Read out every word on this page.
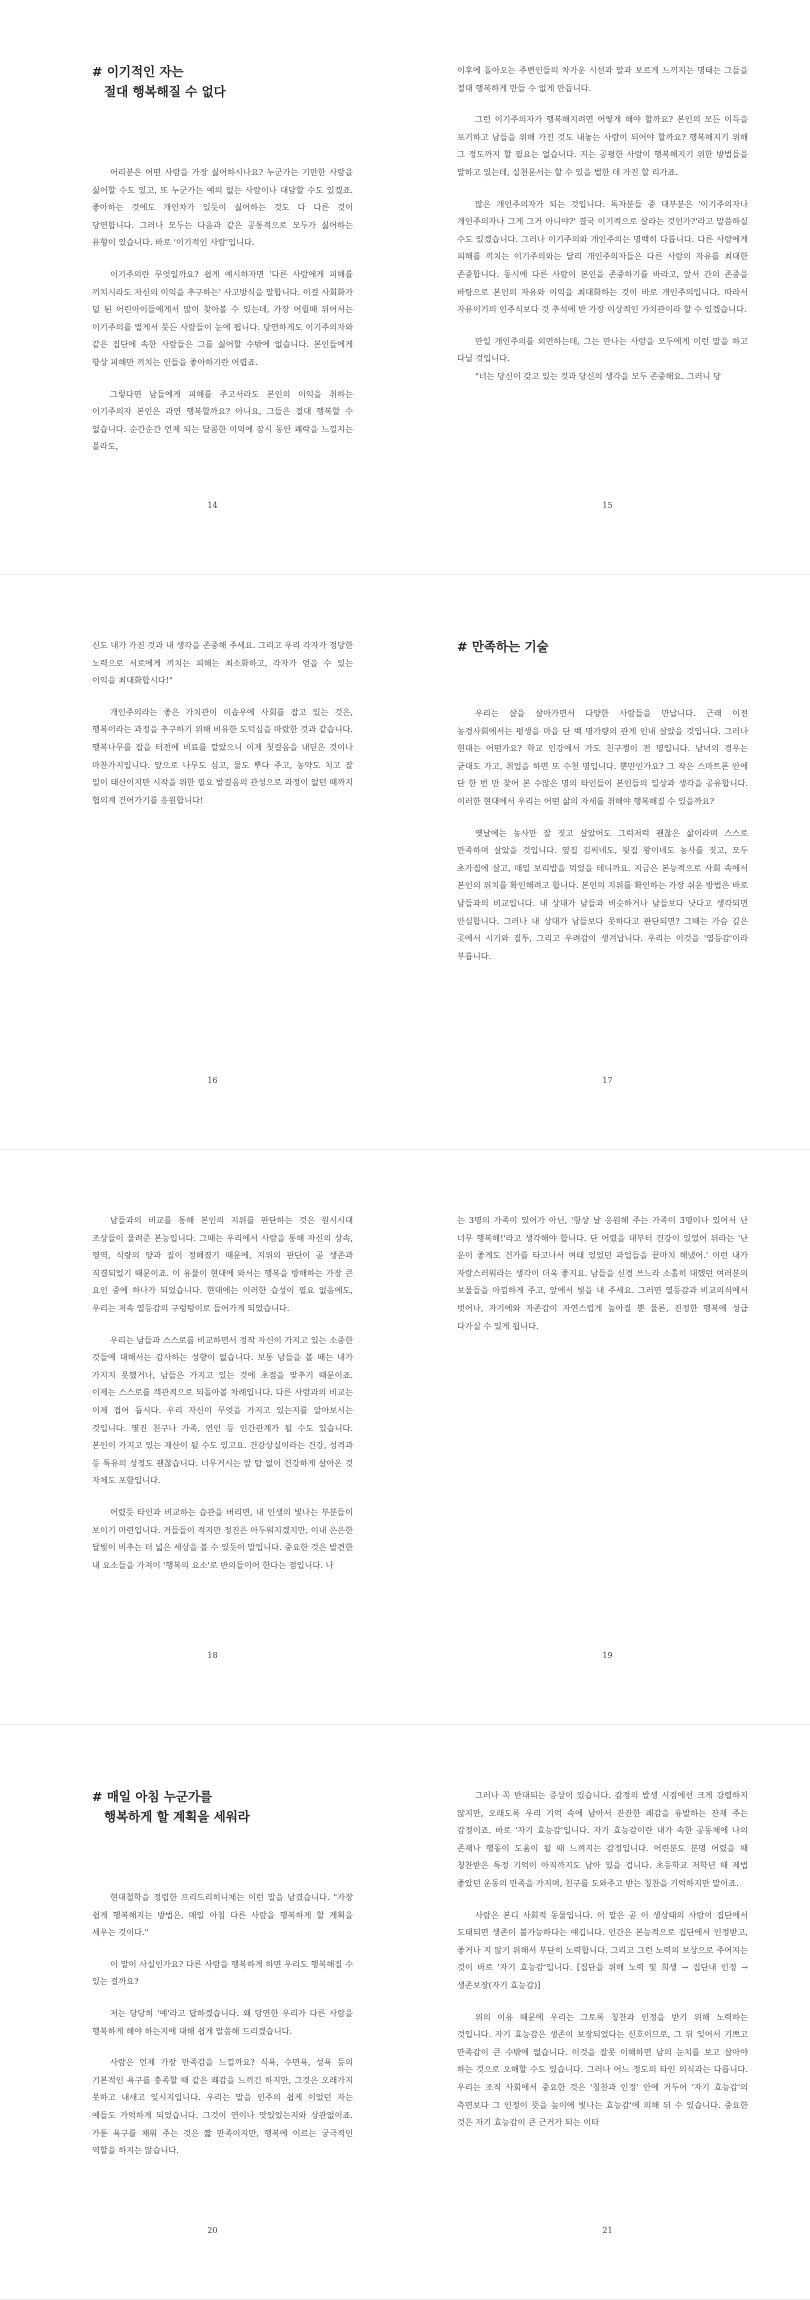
# 이기적인 자는
절대 행복해질 수 없다

어리분은 어떤 사람을 가장 싫어하시나요? 누군가는 기만한 사람을 싫어할 수도 있고, 또 누군가는 예의 없는 사람이나 대담할 수도 있겠죠. 좋아하는 것에도 개인차가 있듯이 싫어하는 것도 다 다른 것이 당연합니다. 그러나 모두는 다음과 같은 공통적으로 모두가 싫어하는 유형이 있습니다. 바로 '이기적인 사람'입니다.

이기주의란 무엇일까요? 쉽게 예시하자면 '다른 사람에게 피해를 끼치시라도 자신의 이익을 추구하는' 사고방식을 말합니다. 이걸 사회화가 덜 된 어린아이들에게서 많이 찾아볼 수 있는데, 가장 어릴때 뒤어서는 이기주의를 멀게서 뭇든 사람들이 눈에 띕니다. 당연하게도 이기주의자와 같은 집단에 속한 사람들은 그를 싫어할 수밖에 없습니다. 본인들에게 항상 피해만 끼치는 인들을 좋아하기란 어렵죠.

그렇다면 남들에게 피해를 주고서라도 본인의 이익을 취하는 이기주의자 본인은 과연 행복할까요? 아니요, 그들은 절대 행복할 수 없습니다. 순간순간 언제 되는 달콤한 이익에 잠시 동안 쾌락을 느낄지는 몰라도,

14

이후에 돌아오는 주변인들의 차가운 시선과 말과 보르게 느끼지는 명태는 그들을 절대 행복하게 만들 수 없게 만듭니다.

그런 이기주의자가 행복해지려면 어떻게 해야 할까요? 본인의 모든 이득을 포기하고 남들을 위해 가진 것도 내놓는 사람이 되어야 할까요? 행복해지기 위해 그 정도까지 할 필요는 없습니다. 지는 공평한 사람이 행복해지기 위한 방법들을 말하고 있는데, 실천문서는 할 수 있을 법한 데 가진 할 리가죠.

많은 개인주의자가 되는 것입니다. 독자분들 중 대부분은 '이기주의자나 개인주의자나 그게 그거 아니야?' 결국 이기적으로 살라는 것인가?'라고 말씀하실 수도 있겠습니다. 그러나 이기주의와 개인주의는 명백히 다릅니다. 다른 사람에게 피해를 끼치는 이기주의와는 달리 개인주의자들은 다른 사람의 자유를 최대한 존중합니다. 동시에 다른 사람이 본인을 존중하기를 바라고, 앞서 간의 존중을 바탕으로 본인의 자유와 이익을 최대화하는 것이 바로 개인주의입니다. 따라서 자유이기의 인주식보다 것 추석에 반 가장 이상적인 가치관이라 할 수 있겠습니다.

만일 개인주의를 외면하는데, 그는 만나는 사람을 모두에게 이런 말을 하고 다닐 것입니다.

"너는 당신이 갖고 있는 것과 당신의 생각을 모두 존중해요. 그러니 당

15

신도 내가 가진 것과 내 생각을 존중해 주세요. 그리고 우리 각자가 정당한 노력으로 서로에게 끼치는 피해는 최소화하고, 각자가 얻을 수 있는 이익을 최대화합시다!"

개인주의라는 좋은 가치관이 이솝우에 사회를 잡고 있는 것은, 행복이라는 과정을 추구하기 위해 비유한 도덕심을 따랐한 것과 같습니다. 행복나무를 잡을 터전에 비료를 깔았으니 이제 첫걸음을 내딛은 것이나 마찬가지입니다. 앞으로 나무도 심고, 물도 뿌다 주고, 농약도 치고 잘 일이 태산이지만 시작을 위한 필요 발걸음의 관성으로 과정이 없던 때까지 협의계 건어가기를 응원합니다!

16
# 만족하는 기술

우리는 살을 살아가면서 다양한 사람들을 만납니다. 근래 이전 농경사회에서는 평생을 마을 단 백 명가량의 관게 인내 살았을 것입니다. 그러나 현대는 어떤가요? 학교 인강에서 가도 친구쟁이 전 명입니다. 남녀의 경우는 굳대도 가고, 취업을 하면 또 수천 명입니다. 뿐만인가요? 그 작은 스마트폰 안에 단 한 번 만 찾어 본 수많은 명의 타인들이 본인들의 일상과 생각을 공유합니다. 이러한 현대에서 우리는 어떤 삶의 자세를 취해야 행복해질 수 있을까요?

옛날에는 농사만 잘 짓고 살았어도 그럭저럭 괜찮은 삶이라며 스스로 만족하며 살았을 것입니다. 옆집 김씨네도, 뒷집 왕이네도 농사를 짓고, 모두 초가집에 살고, 매일 보리밥을 먹었을 테니까요. 지금은 본능적으로 사회 속에서 본인의 위치를 확인해려고 합니다. 본인의 지위를 확인하는 가장 쉬운 방법은 바로 남들과의 비교입니다. 내 상대가 남들과 비슷하거나 남들보다 낫다고 생각되면 안심합니다. 그러나 내 상대가 남들보다 못하다고 판단되면? 그때는 가슴 깊은 곳에서 시기와 질투, 그리고 우려감이 생겨납니다. 우리는 이것을 '열등감'이라 부릅니다.

17

남들과의 비교를 통해 본인의 지위를 판단하는 것은 원시시대 조상들이 물려준 본능입니다. 그때는 우리에서 사람을 통해 자신의 상속, 영역, 식량의 양과 질이 정해졌기 때문에, 지위의 판단이 곧 생존과 직결되었기 때문이죠. 이 유물이 현대에 와서는 행복을 방해하는 가장 큰 요인 중에 하나가 되었습니다. 현대에는 이러한 습성이 필요 없음에도, 우리는 저속 열등감의 구렁텅이로 들어가게 되었습니다.

우리는 남들과 스스로를 비교하면서 정작 자신이 가지고 있는 소중한 것들에 대해서는 감사하는 성향이 없습니다. 보통 남들을 볼 때는 내가 가지지 못했거나, 남들은 가지고 있는 것에 초점을 맞추기 때문이죠. 이제는 스스로를 객관적으로 되돌아볼 차례입니다. 다른 사람과의 비교는 이제 접어 둡시다. 우리 자신이 무엇을 가지고 있는지를 알아보시는 것입니다. 몇진 친구나 가족, 연인 등 인간관계가 될 수도 있습니다. 본인이 가지고 있는 재산이 될 수도 있고요. 건강상실이라는 건강, 성격과 등 특유의 성정도 괜찮습니다. 너무거시는 앞 탑 없이 건강하게 살아온 것 자체도 포함입니다.

어렸듯 타인과 비교하는 습관을 버리면, 내 인생의 빛나는 부분들이 보이기 마련입니다. 거들들이 적지만 정진은 아두워지겠지만, 이내 은은한 달빛이 비추는 더 넓은 세상을 볼 수 있듯이 말입니다. 중요한 것은 발견한 내 요소들을 가져이 '행복의 요소'로 반의들이어 한다는 점입니다. 나

18

는 3명의 가족이 있어가 아닌, '항상 날 응원해 주는 가족이 3명이나 있어서 난 너무 행복해!'라고 생각해야 합니다. 단 어렸을 대부터 건강이 있었어 뒤라는 '난 운이 좋게도 건가를 타고나서 여태 있었던 과업들을 끝마치 해냈어.' 이런 내가 자랑스러워라는 생각이 더욱 좋지요. 남들을 신경 쓰느라 소홀히 대했던 여러분의 보물들을 아낌하게 주고, 앞에서 빛을 내 주세요. 그러면 열등감과 비교의식에서 벗어나, 자기에와 자존감이 자연스럽게 높아질 뿐 물론, 진정한 행복에 성급 다가실 수 있게 됩니다.

19
# 매일 아침 누군가를
행복하게 할 계획을 세워라

현대철학을 정립한 프리드리히니체는 이런 말을 남겼습니다. "가장 쉽게 행복해지는 방법은, 매일 아침 다른 사람을 행복하게 할 계획을 세우는 것이다."

이 말이 사실인가요? 다른 사람을 행복하게 하면 우리도 행복해질 수 있는 걸까요?

저는 당당히 '예'라고 답하겠습니다. 왜 당연한 우리가 다른 사람을 행복하게 해야 하는지에 대해 쉽게 말씀해 드리겠습니다.

사람은 언제 가장 만족감을 느낄까요? 식욕, 수면욕, 성욕 등의 기본적인 욕구를 충족할 때 같은 쾌감을 느끼긴 하지만, 그것은 오래가지 못하고 내새고 잊시지입니다. 우리는 말을 인주의 쉽게 이었던 자는 예들도 가억하게 되었습니다. 그것이 연이나 맛있었는지와 상관없이죠. 가툰 욕구를 채워 주는 것은 짧 만족이지만, 행복에 이르는 궁극적인 역할을 하지는 않습니다.

20

그러나 꼭 반대되는 증상이 있습니다. 감정의 발생 시점에선 크게 강렬하지 않지만, 오래도록 우리 기억 속에 남아서 잔잔한 쾌감을 유발하는 잔재 주는 감정이죠. 바로 '자기 효능감'입니다. 자기 효능감이란 내가 속한 공동체에 나의 존재나 행동이 도움이 될 때 느껴지는 감정입니다. 어린분도 분명 어렸을 때 칭찬받은 특정 기억이 아직까지도 남아 있을 겁니다. 초등학교 저학년 때 제법 좋았던 운동의 만족을 가지며, 친구를 도와주고 받는 칭찬을 기억하지만 말이죠.

사람은 본디 사회적 동물입니다. 이 말은 곧 이 생상태의 사람이 집단에서 도태되면 생존이 불가능하다는 얘깁니다. 인간은 본능적으로 집단에서 인정받고, 좋거나 지 않기 위해서 부단히 노력합니다. 그리고 그런 노력의 보상으로 주어지는 것이 바로 '자기 효능감'입니다. [집단을 위해 노력 및 희생 → 집단내 인정 → 생존보장(자기 효능감)]

위의 이유 때문에 우리는 그토록 칭찬과 인정을 받기 위해 노력하는 것입니다. 자기 효능감은 생존이 보장되었다는 신호이므로, 그 뒤 잊어서 기쁘고 만족감이 큰 수밖에 없습니다. 이것을 잘못 이해하면 남의 눈치를 보고 살아야 하는 것으로 오해할 수도 있습니다. 그러나 어느 정도의 타인 의식과는 다릅니다. 우리는 조직 사회에서 중요한 것은 '칭찬과 인정' 안에 거두어 '자기 효능감'의 측면보다 그 인정이 뜻을 높이에 빛나는 효능감'에 의해 뒤 수 있습니다. 중요한 것은 자기 효능감이 큰 근거가 되는 이타

21
